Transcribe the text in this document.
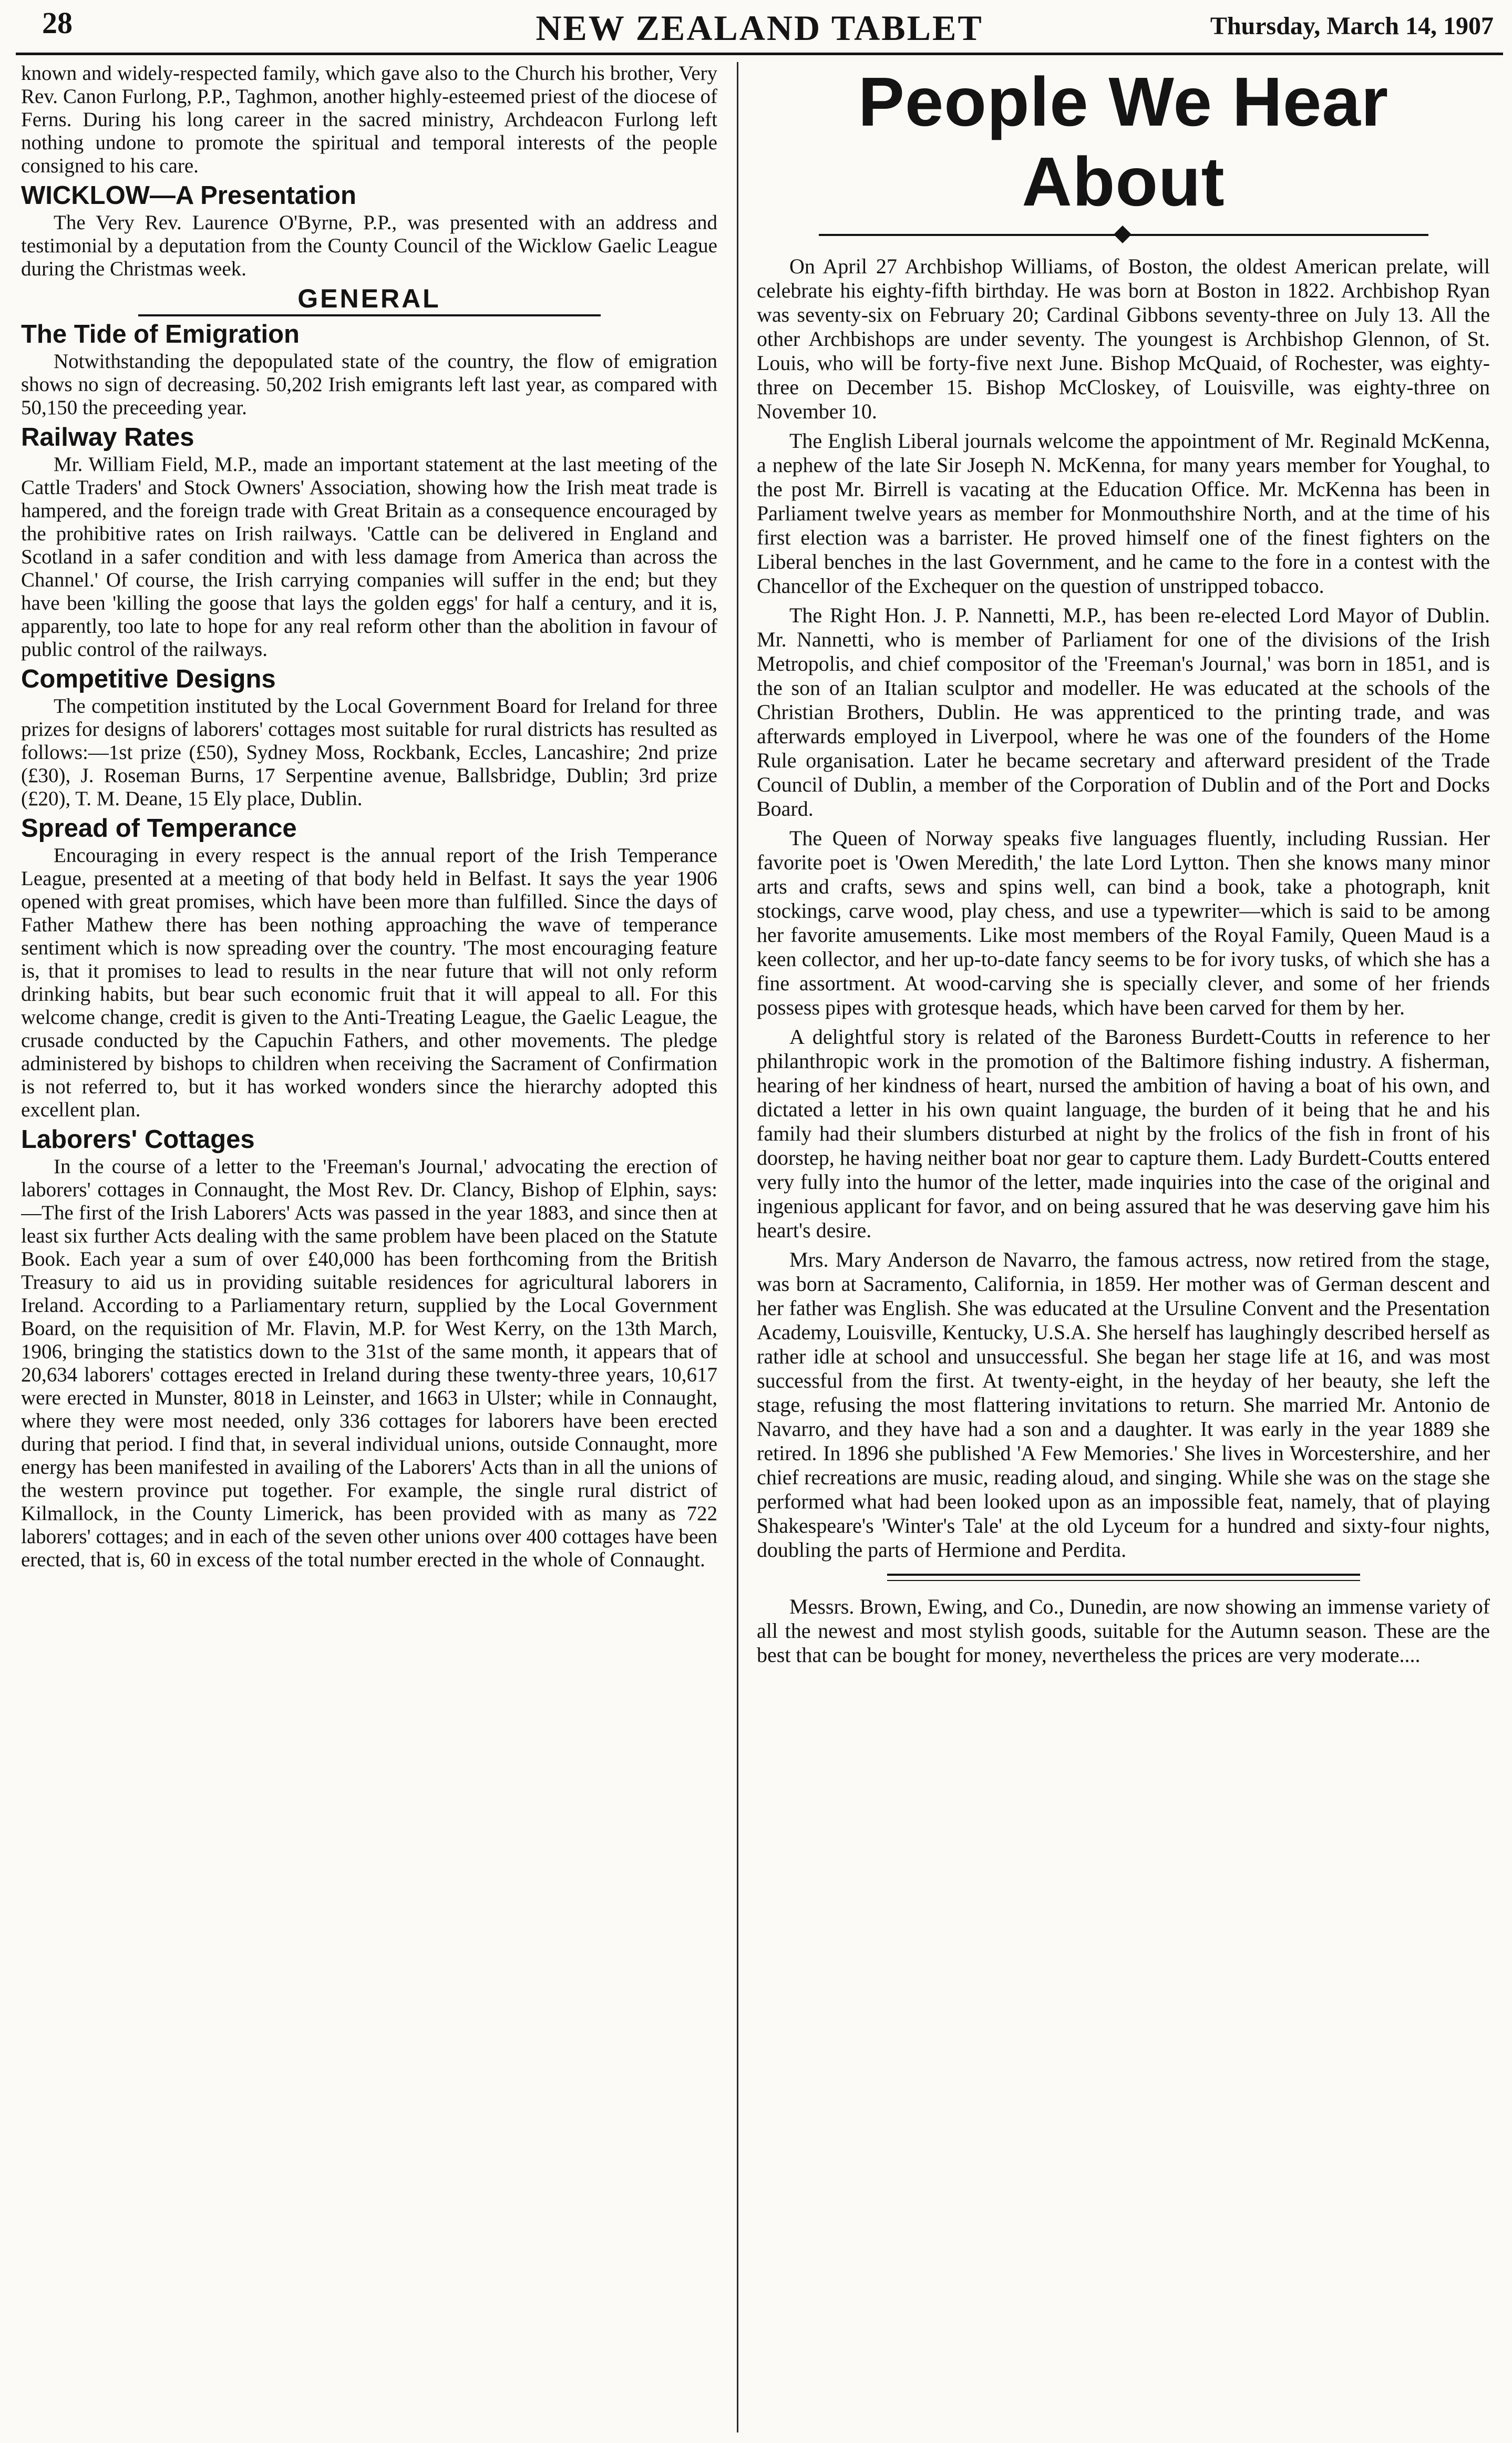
28	NEW ZEALAND TABLET	Thursday, March 14, 1907

known and widely-respected family, which gave also to the Church his brother, Very Rev. Canon Furlong, P.P., Taghmon, another highly-esteemed priest of the diocese of Ferns. During his long career in the sacred ministry, Archdeacon Furlong left nothing undone to promote the spiritual and temporal interests of the people consigned to his care.

WICKLOW—A Presentation

The Very Rev. Laurence O'Byrne, P.P., was presented with an address and testimonial by a deputation from the County Council of the Wicklow Gaelic League during the Christmas week.

GENERAL
The Tide of Emigration

Notwithstanding the depopulated state of the country, the flow of emigration shows no sign of decreasing. 50,202 Irish emigrants left last year, as compared with 50,150 the preceeding year.

Railway Rates

Mr. William Field, M.P., made an important statement at the last meeting of the Cattle Traders' and Stock Owners' Association, showing how the Irish meat trade is hampered, and the foreign trade with Great Britain as a consequence encouraged by the prohibitive rates on Irish railways. 'Cattle can be delivered in England and Scotland in a safer condition and with less damage from America than across the Channel.' Of course, the Irish carrying companies will suffer in the end; but they have been 'killing the goose that lays the golden eggs' for half a century, and it is, apparently, too late to hope for any real reform other than the abolition in favour of public control of the railways.

Competitive Designs

The competition instituted by the Local Government Board for Ireland for three prizes for designs of laborers' cottages most suitable for rural districts has resulted as follows:—1st prize (£50), Sydney Moss, Rockbank, Eccles, Lancashire; 2nd prize (£30), J. Roseman Burns, 17 Serpentine avenue, Ballsbridge, Dublin; 3rd prize (£20), T. M. Deane, 15 Ely place, Dublin.

Spread of Temperance

Encouraging in every respect is the annual report of the Irish Temperance League, presented at a meeting of that body held in Belfast. It says the year 1906 opened with great promises, which have been more than fulfilled. Since the days of Father Mathew there has been nothing approaching the wave of temperance sentiment which is now spreading over the country. 'The most encouraging feature is, that it promises to lead to results in the near future that will not only reform drinking habits, but bear such economic fruit that it will appeal to all. For this welcome change, credit is given to the Anti-Treating League, the Gaelic League, the crusade conducted by the Capuchin Fathers, and other movements. The pledge administered by bishops to children when receiving the Sacrament of Confirmation is not referred to, but it has worked wonders since the hierarchy adopted this excellent plan.

Laborers' Cottages

In the course of a letter to the 'Freeman's Journal,' advocating the erection of laborers' cottages in Connaught, the Most Rev. Dr. Clancy, Bishop of Elphin, says:—The first of the Irish Laborers' Acts was passed in the year 1883, and since then at least six further Acts dealing with the same problem have been placed on the Statute Book. Each year a sum of over £40,000 has been forthcoming from the British Treasury to aid us in providing suitable residences for agricultural laborers in Ireland. According to a Parliamentary return, supplied by the Local Government Board, on the requisition of Mr. Flavin, M.P. for West Kerry, on the 13th March, 1906, bringing the statistics down to the 31st of the same month, it appears that of 20,634 laborers' cottages erected in Ireland during these twenty-three years, 10,617 were erected in Munster, 8018 in Leinster, and 1663 in Ulster; while in Connaught, where they were most needed, only 336 cottages for laborers have been erected during that period. I find that, in several individual unions, outside Connaught, more energy has been manifested in availing of the Laborers' Acts than in all the unions of the western province put together. For example, the single rural district of Kilmallock, in the County Limerick, has been provided with as many as 722 laborers' cottages; and in each of the seven other unions over 400 cottages have been erected, that is, 60 in excess of the total number erected in the whole of Connaught.

People We Hear About

On April 27 Archbishop Williams, of Boston, the oldest American prelate, will celebrate his eighty-fifth birthday. He was born at Boston in 1822. Archbishop Ryan was seventy-six on February 20; Cardinal Gibbons seventy-three on July 13. All the other Archbishops are under seventy. The youngest is Archbishop Glennon, of St. Louis, who will be forty-five next June. Bishop McQuaid, of Rochester, was eighty-three on December 15. Bishop McCloskey, of Louisville, was eighty-three on November 10.

The English Liberal journals welcome the appointment of Mr. Reginald McKenna, a nephew of the late Sir Joseph N. McKenna, for many years member for Youghal, to the post Mr. Birrell is vacating at the Education Office. Mr. McKenna has been in Parliament twelve years as member for Monmouthshire North, and at the time of his first election was a barrister. He proved himself one of the finest fighters on the Liberal benches in the last Government, and he came to the fore in a contest with the Chancellor of the Exchequer on the question of unstripped tobacco.

The Right Hon. J. P. Nannetti, M.P., has been re-elected Lord Mayor of Dublin. Mr. Nannetti, who is member of Parliament for one of the divisions of the Irish Metropolis, and chief compositor of the 'Freeman's Journal,' was born in 1851, and is the son of an Italian sculptor and modeller. He was educated at the schools of the Christian Brothers, Dublin. He was apprenticed to the printing trade, and was afterwards employed in Liverpool, where he was one of the founders of the Home Rule organisation. Later he became secretary and afterward president of the Trade Council of Dublin, a member of the Corporation of Dublin and of the Port and Docks Board.

The Queen of Norway speaks five languages fluently, including Russian. Her favorite poet is 'Owen Meredith,' the late Lord Lytton. Then she knows many minor arts and crafts, sews and spins well, can bind a book, take a photograph, knit stockings, carve wood, play chess, and use a typewriter—which is said to be among her favorite amusements. Like most members of the Royal Family, Queen Maud is a keen collector, and her up-to-date fancy seems to be for ivory tusks, of which she has a fine assortment. At wood-carving she is specially clever, and some of her friends possess pipes with grotesque heads, which have been carved for them by her.

A delightful story is related of the Baroness Burdett-Coutts in reference to her philanthropic work in the promotion of the Baltimore fishing industry. A fisherman, hearing of her kindness of heart, nursed the ambition of having a boat of his own, and dictated a letter in his own quaint language, the burden of it being that he and his family had their slumbers disturbed at night by the frolics of the fish in front of his doorstep, he having neither boat nor gear to capture them. Lady Burdett-Coutts entered very fully into the humor of the letter, made inquiries into the case of the original and ingenious applicant for favor, and on being assured that he was deserving gave him his heart's desire.

Mrs. Mary Anderson de Navarro, the famous actress, now retired from the stage, was born at Sacramento, California, in 1859. Her mother was of German descent and her father was English. She was educated at the Ursuline Convent and the Presentation Academy, Louisville, Kentucky, U.S.A. She herself has laughingly described herself as rather idle at school and unsuccessful. She began her stage life at 16, and was most successful from the first. At twenty-eight, in the heyday of her beauty, she left the stage, refusing the most flattering invitations to return. She married Mr. Antonio de Navarro, and they have had a son and a daughter. It was early in the year 1889 she retired. In 1896 she published 'A Few Memories.' She lives in Worcestershire, and her chief recreations are music, reading aloud, and singing. While she was on the stage she performed what had been looked upon as an impossible feat, namely, that of playing Shakespeare's 'Winter's Tale' at the old Lyceum for a hundred and sixty-four nights, doubling the parts of Hermione and Perdita.

Messrs. Brown, Ewing, and Co., Dunedin, are now showing an immense variety of all the newest and most stylish goods, suitable for the Autumn season. These are the best that can be bought for money, nevertheless the prices are very moderate....
